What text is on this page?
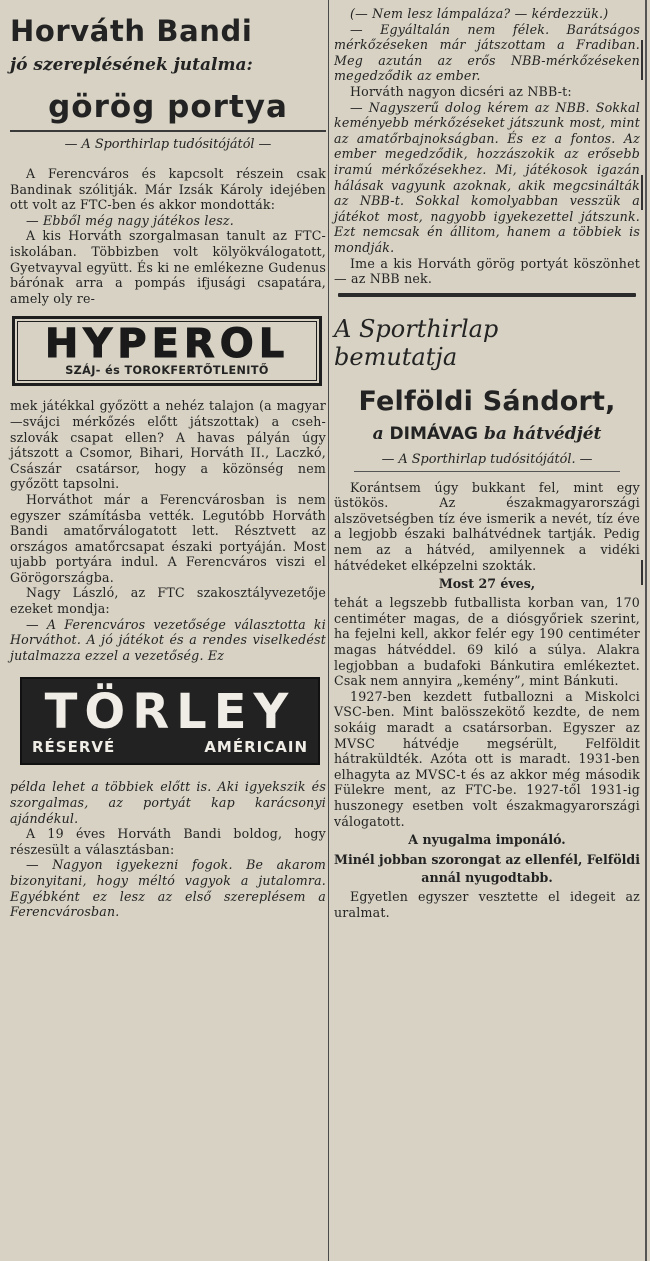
Horváth Bandi

jó szereplésének jutalma:

görög portya

— A Sporthirlap tudósitójától —

A Ferencváros és kapcsolt részein csak Bandinak szólitják. Már Izsák Károly idejében ott volt az FTC-ben és akkor mondották:

— Ebből még nagy játékos lesz.

A kis Horváth szorgalmasan tanult az FTC-iskolában. Többizben volt kölyökválogatott, Gyetvayval együtt. És ki ne emlékezne Gudenus bárónak arra a pompás ifjusági csapatára, amely oly re-

HYPEROL
SZÁJ- és TOROKFERTŐTLENITŐ

mek játékkal győzött a nehéz talajon (a magyar—svájci mérkőzés előtt játszottak) a cseh-szlovák csapat ellen? A havas pályán úgy játszott a Csomor, Bihari, Horváth II., Laczkó, Császár csatársor, hogy a közönség nem győzött tapsolni.

Horváthot már a Ferencvárosban is nem egyszer számításba vették. Legutóbb Horváth Bandi amatőrválogatott lett. Résztvett az országos amatőrcsapat északi portyáján. Most ujabb portyára indul. A Ferencváros viszi el Görögországba.

Nagy László, az FTC szakosztályvezetője ezeket mondja:

— A Ferencváros vezetősége választotta ki Horváthot. A jó játékot és a rendes viselkedést jutalmazza ezzel a vezetőség. Ez

TÖRLEY
RÉSERVÉ	AMÉRICAIN

példa lehet a többiek előtt is. Aki igyekszik és szorgalmas, az portyát kap karácsonyi ajándékul.

A 19 éves Horváth Bandi boldog, hogy részesült a választásban:

— Nagyon igyekezni fogok. Be akarom bizonyitani, hogy méltó vagyok a jutalomra. Egyébként ez lesz az első szereplésem a Ferencvárosban.

(— Nem lesz lámpaláza? — kérdezzük.)

— Egyáltalán nem félek. Barátságos mérkőzéseken már játszottam a Fradiban. Meg azután az erős NBB-mérkőzéseken megedződik az ember.

Horváth nagyon dicséri az NBB-t:

— Nagyszerű dolog kérem az NBB. Sokkal keményebb mérkőzéseket játszunk most, mint az amatőrbajnokságban. És ez a fontos. Az ember megedződik, hozzászokik az erősebb iramú mérkőzésekhez. Mi, játékosok igazán hálásak vagyunk azoknak, akik megcsinálták az NBB-t. Sokkal komolyabban vesszük a játékot most, nagyobb igyekezettel játszunk. Ezt nemcsak én állitom, hanem a többiek is mondják.

Ime a kis Horváth görög portyát köszönhet — az NBB nek.

A Sporthirlap

bemutatja

Felföldi Sándort,

a DIMÁVAG ba hátvédjét

— A Sporthirlap tudósitójától. —

Korántsem úgy bukkant fel, mint egy üstökös. Az északmagyarországi alszövetségben tíz éve ismerik a nevét, tíz éve a legjobb északi balhátvédnek tartják. Pedig nem az a hátvéd, amilyennek a vidéki hátvédeket elképzelni szokták.

Most 27 éves,

tehát a legszebb futballista korban van, 170 centiméter magas, de a diósgyőriek szerint, ha fejelni kell, akkor felér egy 190 centiméter magas hátvéddel. 69 kiló a súlya. Alakra legjobban a budafoki Bánkutira emlékeztet. Csak nem annyira „kemény”, mint Bánkuti.

1927-ben kezdett futballozni a Miskolci VSC-ben. Mint balösszekötő kezdte, de nem sokáig maradt a csatársorban. Egyszer az MVSC hátvédje megsérült, Felföldit hátraküldték. Azóta ott is maradt. 1931-ben elhagyta az MVSC-t és az akkor még második Fülekre ment, az FTC-be. 1927-től 1931-ig huszonegy esetben volt északmagyarországi válogatott.

A nyugalma imponáló.

Minél jobban szorongat az ellenfél, Felföldi annál nyugodtabb.

Egyetlen egyszer vesztette el idegeit az uralmat.
